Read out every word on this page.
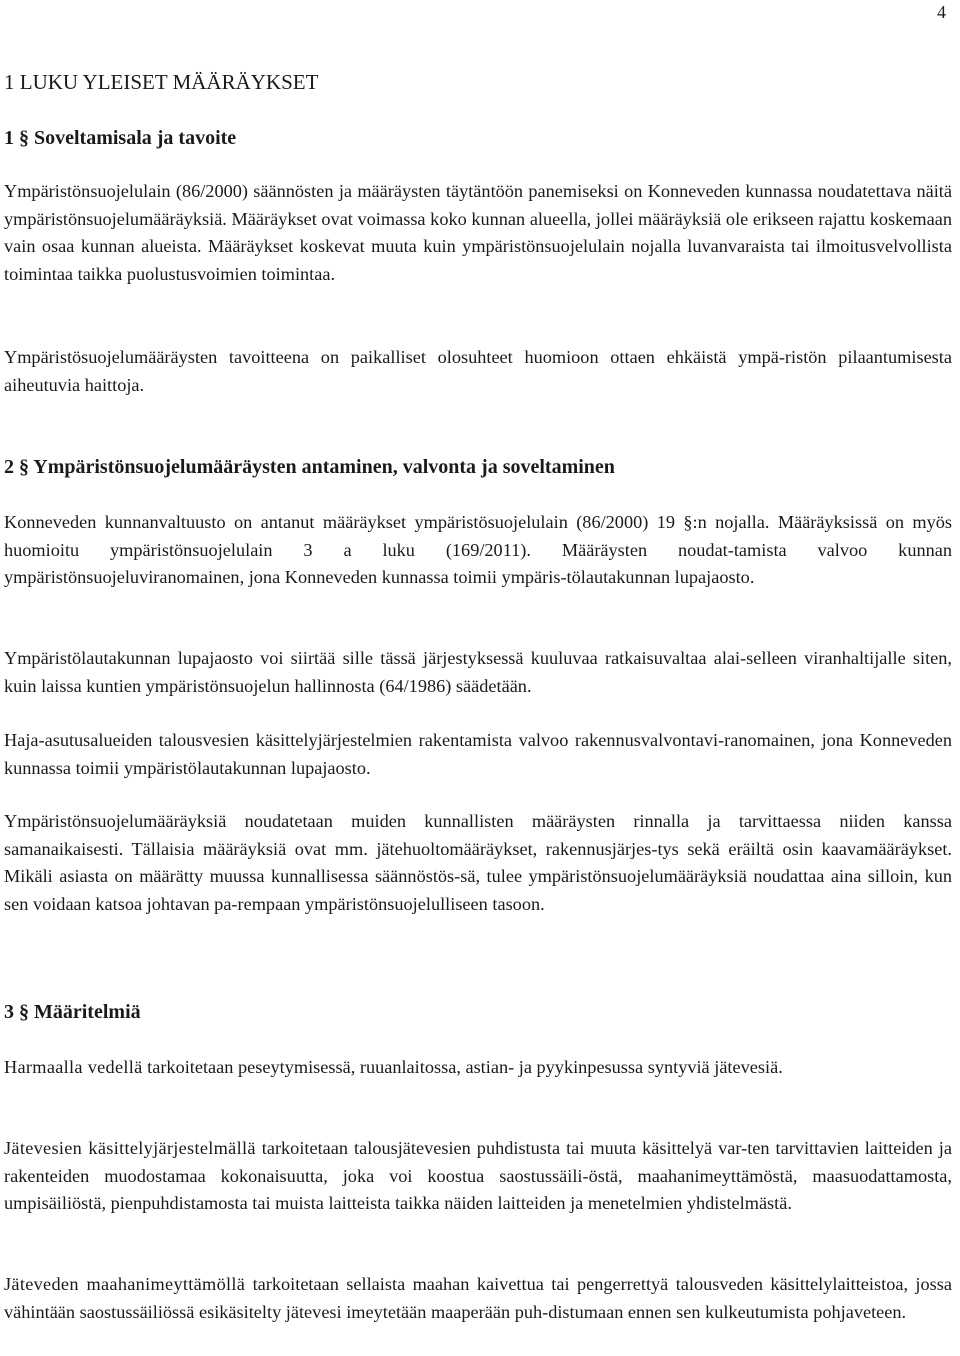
4
1 LUKU YLEISET MÄÄRÄYKSET
1 § Soveltamisala ja tavoite
Ympäristönsuojelulain (86/2000) säännösten ja määräysten täytäntöön panemiseksi on Konneveden kunnassa noudatettava näitä ympäristönsuojelumääräyksiä. Määräykset ovat voimassa koko kunnan alueella, jollei määräyksiä ole erikseen rajattu koskemaan vain osaa kunnan alueista. Määräykset koskevat muuta kuin ympäristönsuojelulain nojalla luvanvaraista tai ilmoitusvelvollista toimintaa taikka puolustusvoimien toimintaa.
Ympäristösuojelumääräysten tavoitteena on paikalliset olosuhteet huomioon ottaen ehkäistä ympä-ristön pilaantumisesta aiheutuvia haittoja.
2 § Ympäristönsuojelumääräysten antaminen, valvonta ja soveltaminen
Konneveden kunnanvaltuusto on antanut määräykset ympäristösuojelulain (86/2000) 19 §:n nojalla. Määräyksissä on myös huomioitu ympäristönsuojelulain 3 a luku (169/2011). Määräysten noudat-tamista valvoo kunnan ympäristönsuojeluviranomainen, jona Konneveden kunnassa toimii ympäris-tölautakunnan lupajaosto.
Ympäristölautakunnan lupajaosto voi siirtää sille tässä järjestyksessä kuuluvaa ratkaisuvaltaa alai-selleen viranhaltijalle siten, kuin laissa kuntien ympäristönsuojelun hallinnosta (64/1986) säädetään.
Haja-asutusalueiden talousvesien käsittelyjärjestelmien rakentamista valvoo rakennusvalvontavi-ranomainen, jona Konneveden kunnassa toimii ympäristölautakunnan lupajaosto.
Ympäristönsuojelumääräyksiä noudatetaan muiden kunnallisten määräysten rinnalla ja tarvittaessa niiden kanssa samanaikaisesti. Tällaisia määräyksiä ovat mm. jätehuoltomääräykset, rakennusjärjes-tys sekä eräiltä osin kaavamääräykset. Mikäli asiasta on määrätty muussa kunnallisessa säännöstös-sä, tulee ympäristönsuojelumääräyksiä noudattaa aina silloin, kun sen voidaan katsoa johtavan pa-rempaan ympäristönsuojelulliseen tasoon.
3 § Määritelmiä
Harmaalla vedellä tarkoitetaan peseytymisessä, ruuanlaitossa, astian- ja pyykinpesussa syntyviä jätevesiä.
Jätevesien käsittelyjärjestelmällä tarkoitetaan talousjätevesien puhdistusta tai muuta käsittelyä var-ten tarvittavien laitteiden ja rakenteiden muodostamaa kokonaisuutta, joka voi koostua saostussäili-östä, maahanimeyttämöstä, maasuodattamosta, umpisäiliöstä, pienpuhdistamosta tai muista laitteista taikka näiden laitteiden ja menetelmien yhdistelmästä.
Jäteveden maahanimeyttämöllä tarkoitetaan sellaista maahan kaivettua tai pengerrettyä talousveden käsittelylaitteistoa, jossa vähintään saostussäiliössä esikäsitelty jätevesi imeytetään maaperään puh-distumaan ennen sen kulkeutumista pohjaveteen.
